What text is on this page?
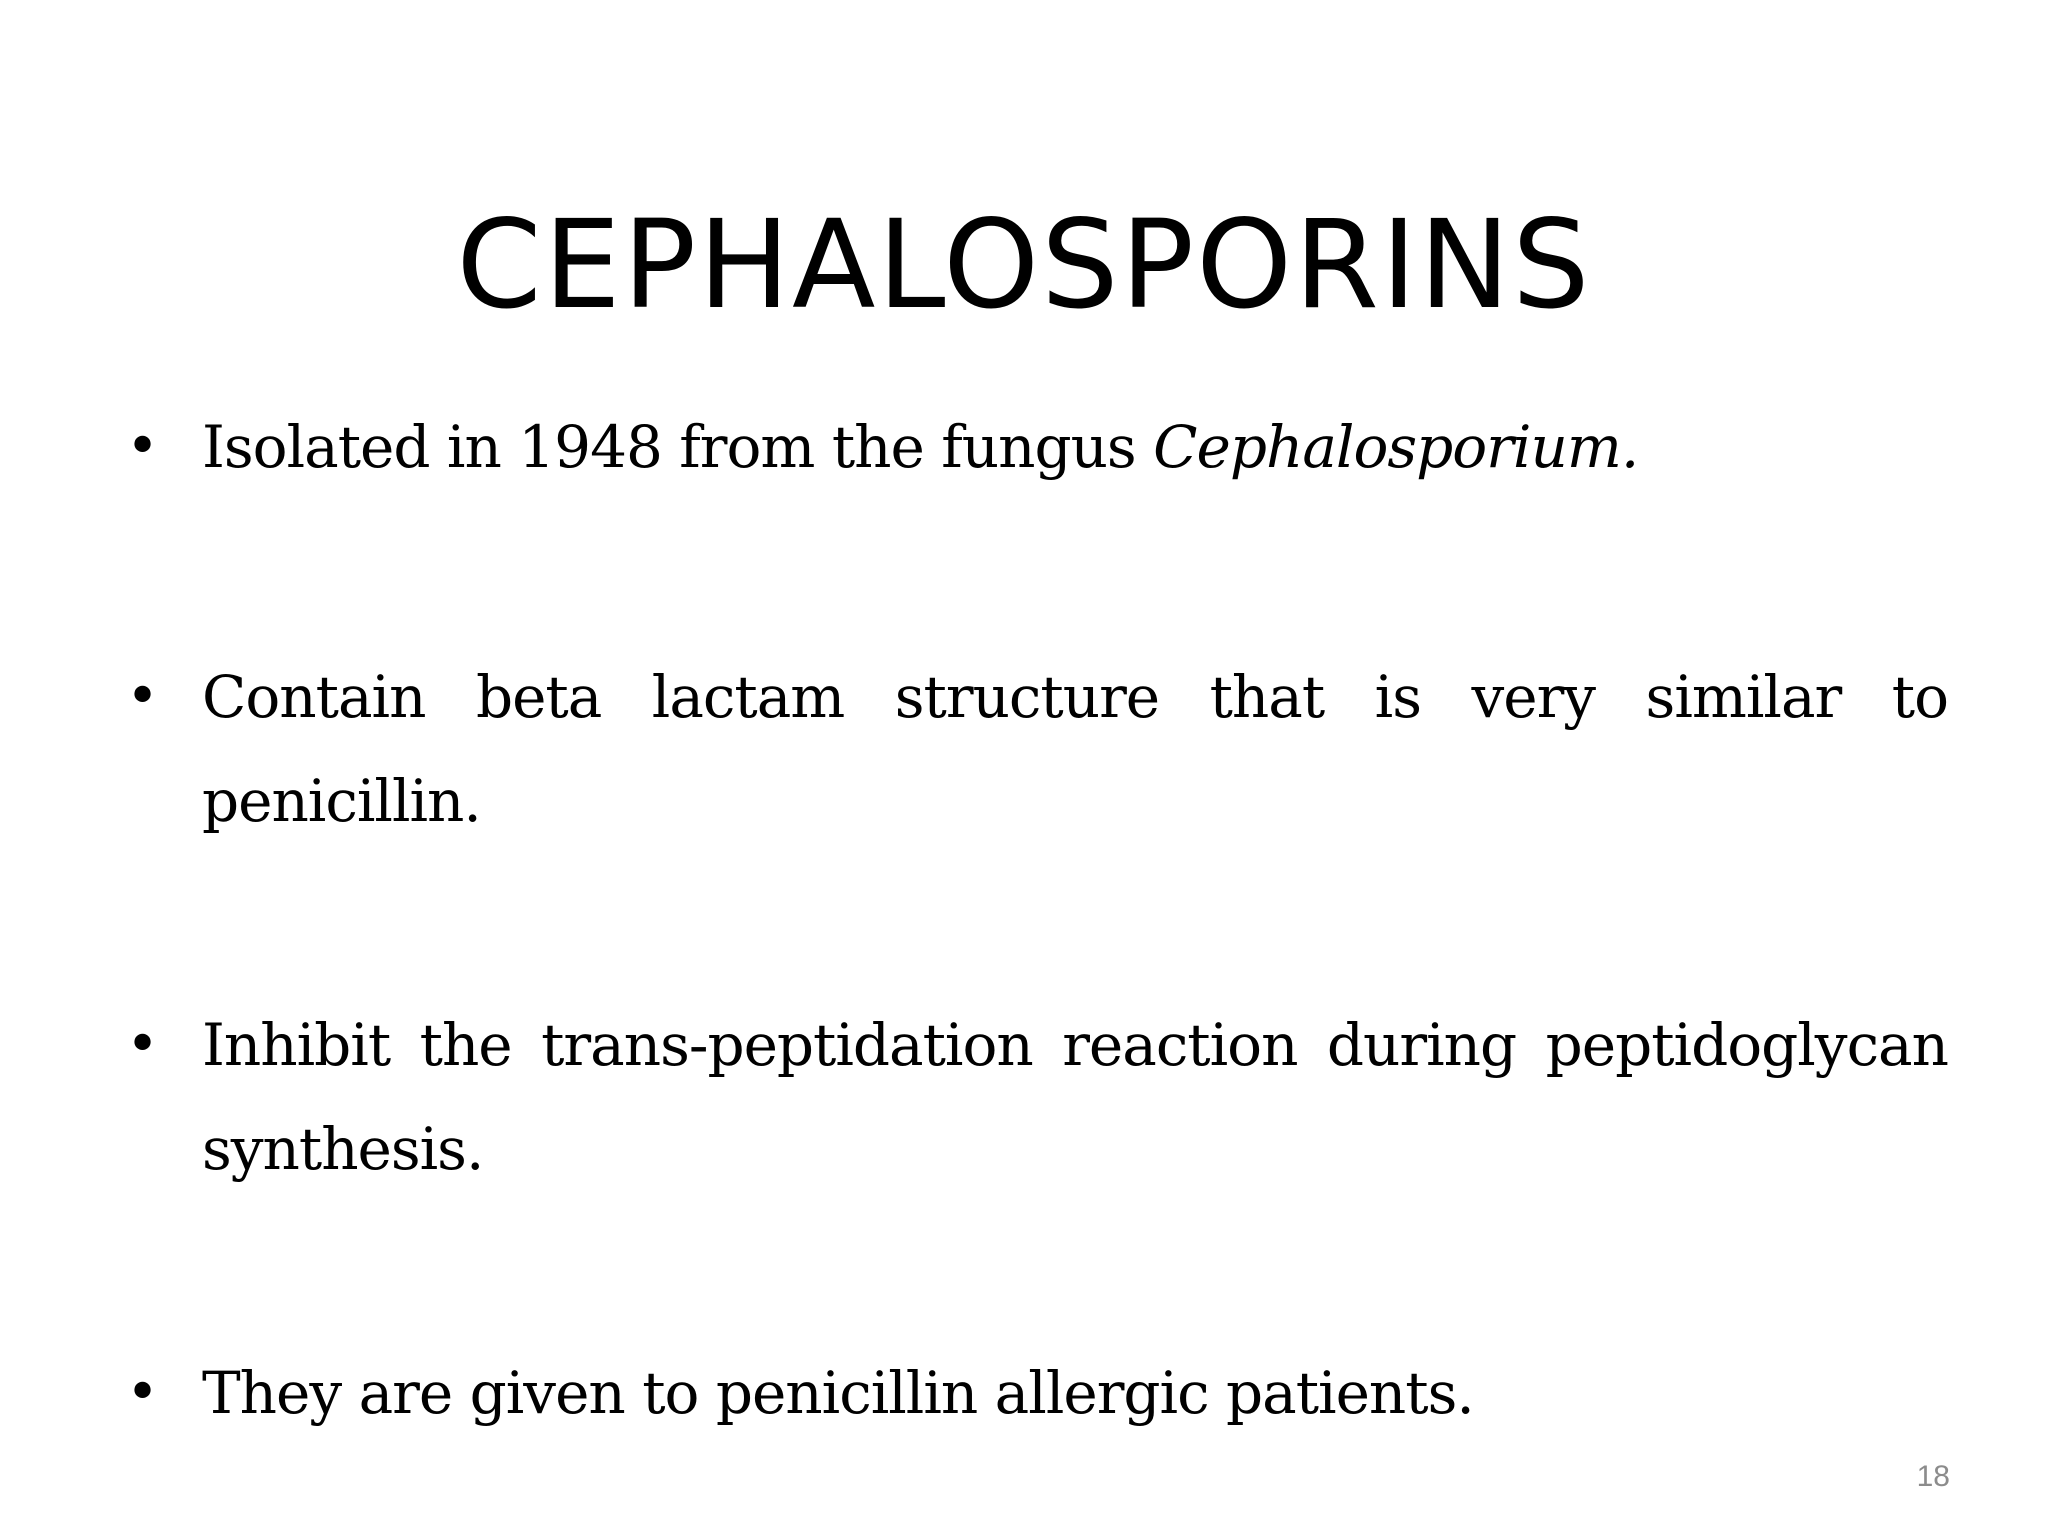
CEPHALOSPORINS
• Isolated in 1948 from the fungus Cephalosporium.
• Contain beta lactam structure that is very similar to penicillin.
• Inhibit the trans-peptidation reaction during peptidoglycan synthesis.
• They are given to penicillin allergic patients.
18
